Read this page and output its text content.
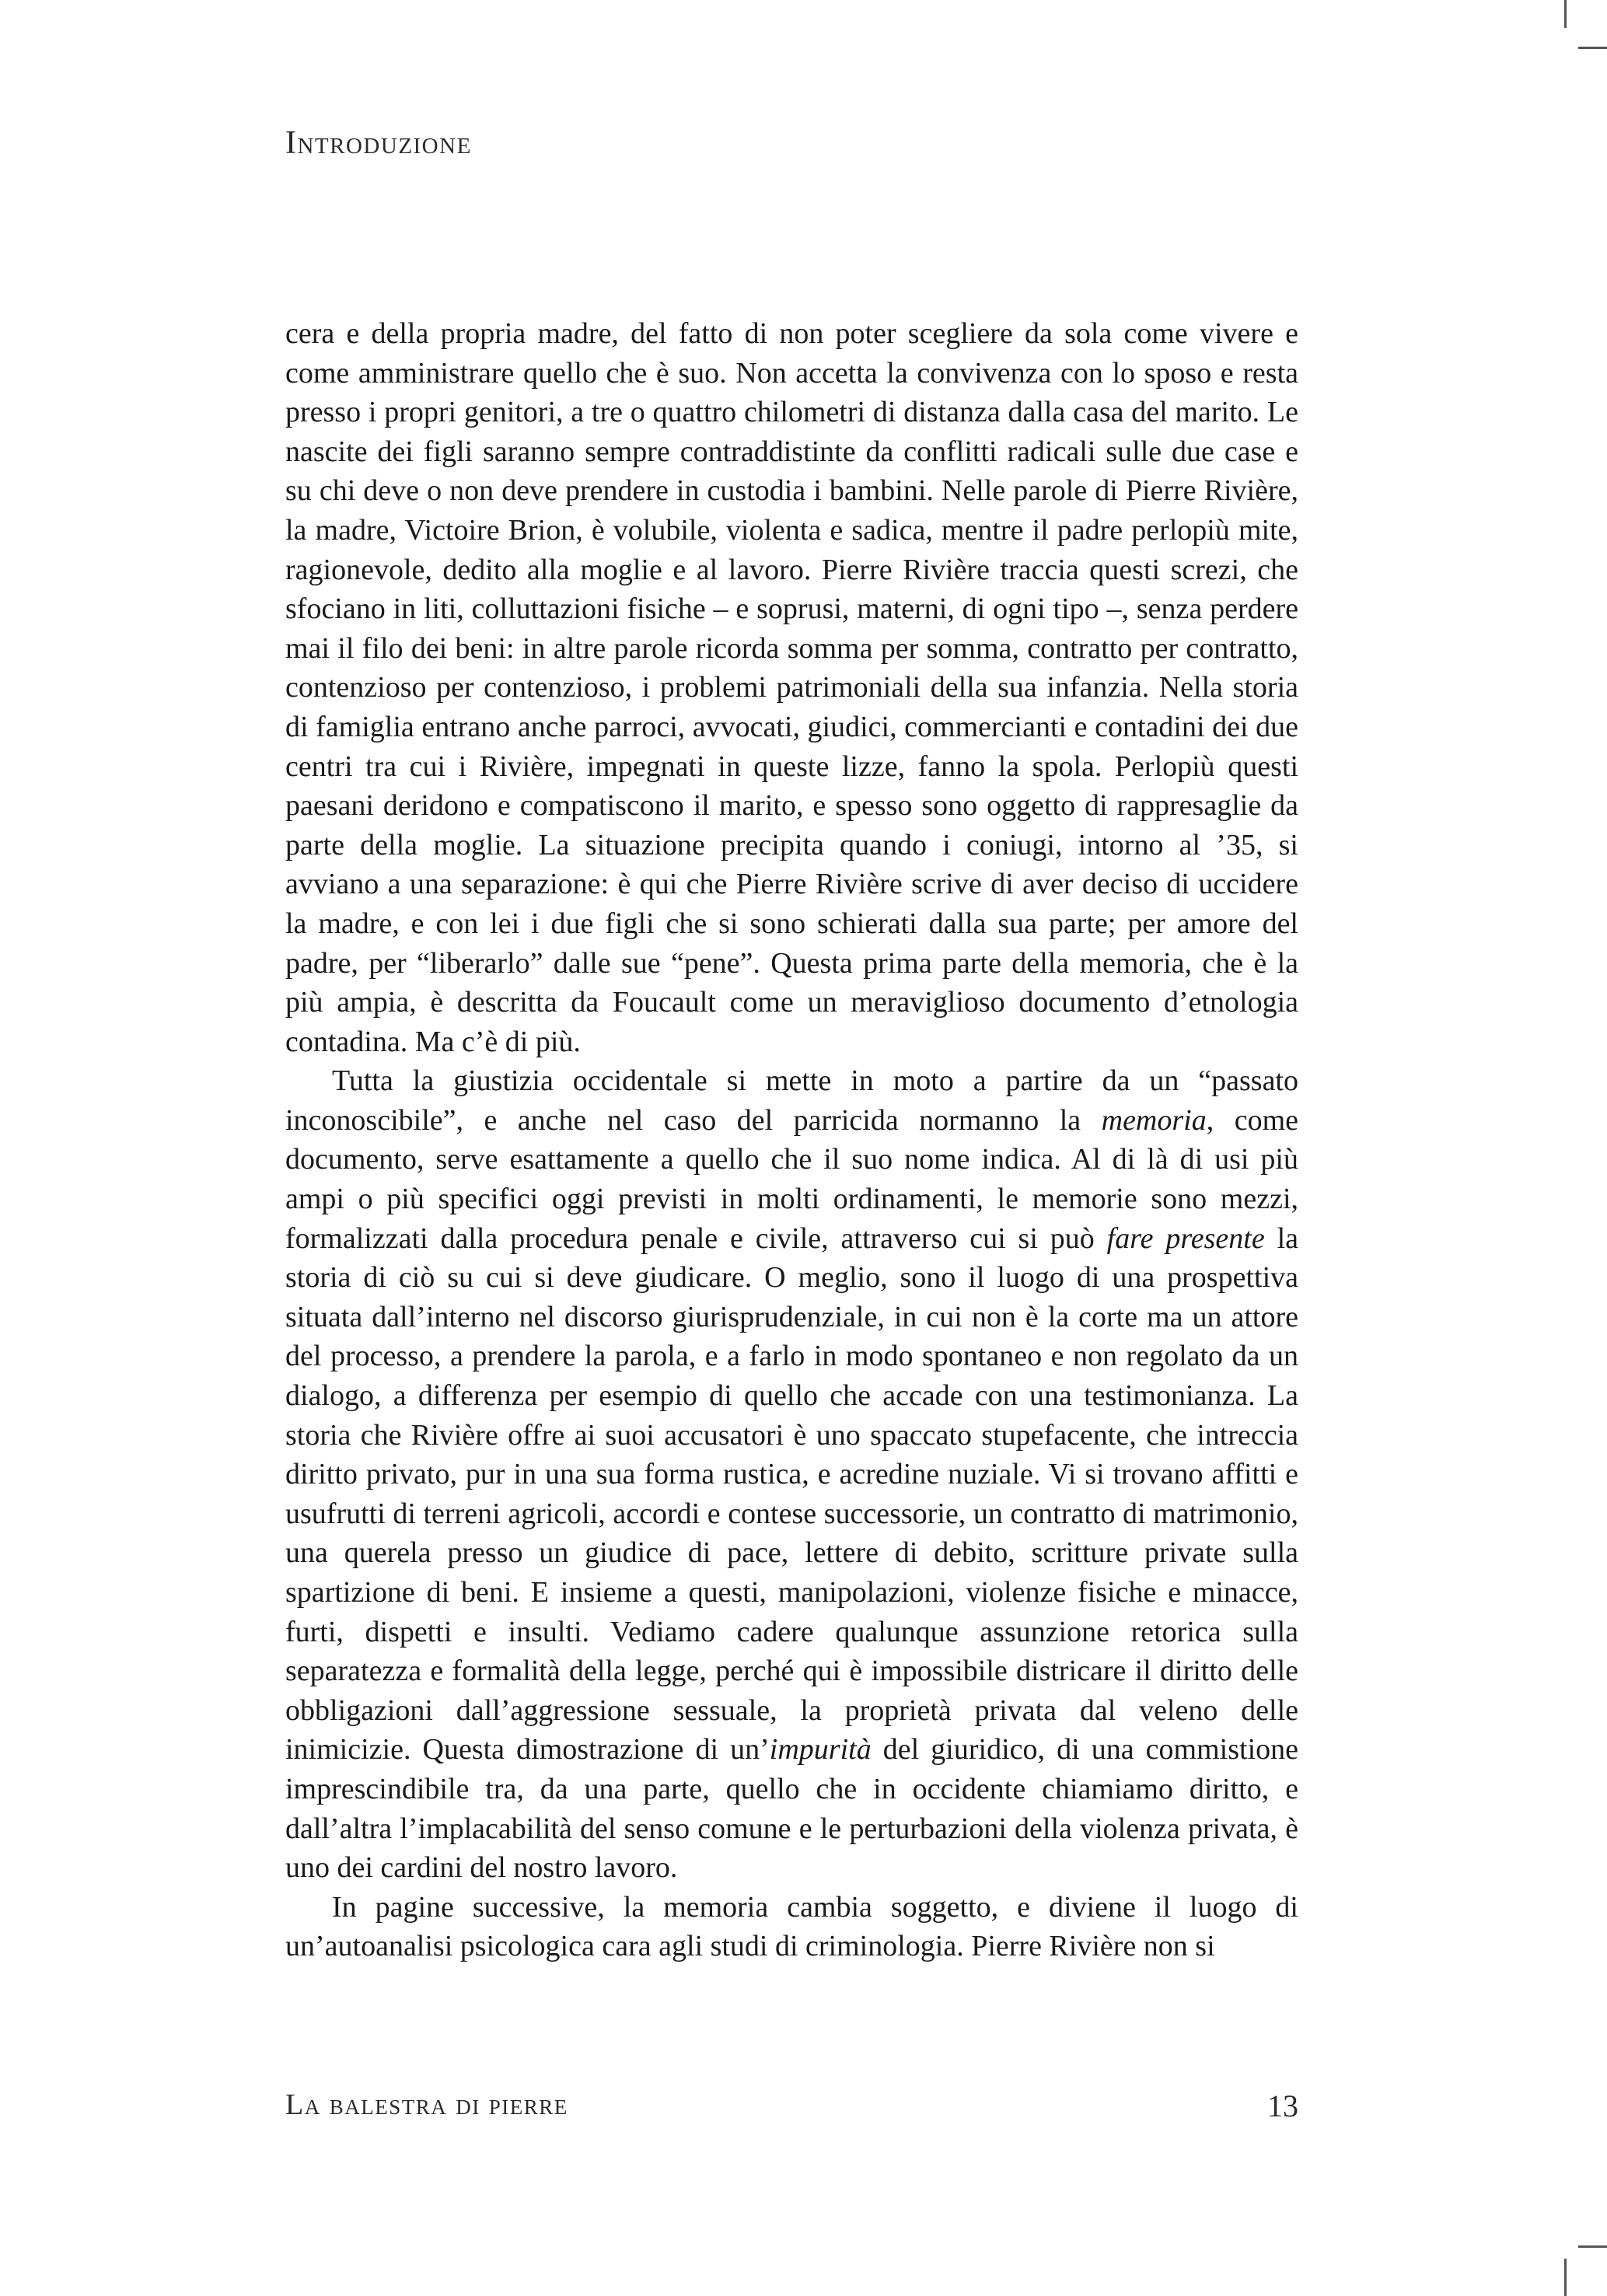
Introduzione

cera e della propria madre, del fatto di non poter scegliere da sola come vivere e come amministrare quello che è suo. Non accetta la convivenza con lo sposo e resta presso i propri genitori, a tre o quattro chilometri di distanza dalla casa del marito. Le nascite dei figli saranno sempre contraddistinte da conflitti radicali sulle due case e su chi deve o non deve prendere in custodia i bambini. Nelle parole di Pierre Rivière, la madre, Victoire Brion, è volubile, violenta e sadica, mentre il padre perlopiù mite, ragionevole, dedito alla moglie e al lavoro. Pierre Rivière traccia questi screzi, che sfociano in liti, colluttazioni fisiche – e soprusi, materni, di ogni tipo –, senza perdere mai il filo dei beni: in altre parole ricorda somma per somma, contratto per contratto, contenzioso per contenzioso, i problemi patrimoniali della sua infanzia. Nella storia di famiglia entrano anche parroci, avvocati, giudici, commercianti e contadini dei due centri tra cui i Rivière, impegnati in queste lizze, fanno la spola. Perlopiù questi paesani deridono e compatiscono il marito, e spesso sono oggetto di rappresaglie da parte della moglie. La situazione precipita quando i coniugi, intorno al ’35, si avviano a una separazione: è qui che Pierre Rivière scrive di aver deciso di uccidere la madre, e con lei i due figli che si sono schierati dalla sua parte; per amore del padre, per “liberarlo” dalle sue “pene”. Questa prima parte della memoria, che è la più ampia, è descritta da Foucault come un meraviglioso documento d’etnologia contadina. Ma c’è di più.

Tutta la giustizia occidentale si mette in moto a partire da un “passato inconoscibile”, e anche nel caso del parricida normanno la memoria, come documento, serve esattamente a quello che il suo nome indica. Al di là di usi più ampi o più specifici oggi previsti in molti ordinamenti, le memorie sono mezzi, formalizzati dalla procedura penale e civile, attraverso cui si può fare presente la storia di ciò su cui si deve giudicare. O meglio, sono il luogo di una prospettiva situata dall’interno nel discorso giurisprudenziale, in cui non è la corte ma un attore del processo, a prendere la parola, e a farlo in modo spontaneo e non regolato da un dialogo, a differenza per esempio di quello che accade con una testimonianza. La storia che Rivière offre ai suoi accusatori è uno spaccato stupefacente, che intreccia diritto privato, pur in una sua forma rustica, e acredine nuziale. Vi si trovano affitti e usufrutti di terreni agricoli, accordi e contese successorie, un contratto di matrimonio, una querela presso un giudice di pace, lettere di debito, scritture private sulla spartizione di beni. E insieme a questi, manipolazioni, violenze fisiche e minacce, furti, dispetti e insulti. Vediamo cadere qualunque assunzione retorica sulla separatezza e formalità della legge, perché qui è impossibile districare il diritto delle obbligazioni dall’aggressione sessuale, la proprietà privata dal veleno delle inimicizie. Questa dimostrazione di un’impurità del giuridico, di una commistione imprescindibile tra, da una parte, quello che in occidente chiamiamo diritto, e dall’altra l’implacabilità del senso comune e le perturbazioni della violenza privata, è uno dei cardini del nostro lavoro.

In pagine successive, la memoria cambia soggetto, e diviene il luogo di un’autoanalisi psicologica cara agli studi di criminologia. Pierre Rivière non si

La balestra di pierre	13
